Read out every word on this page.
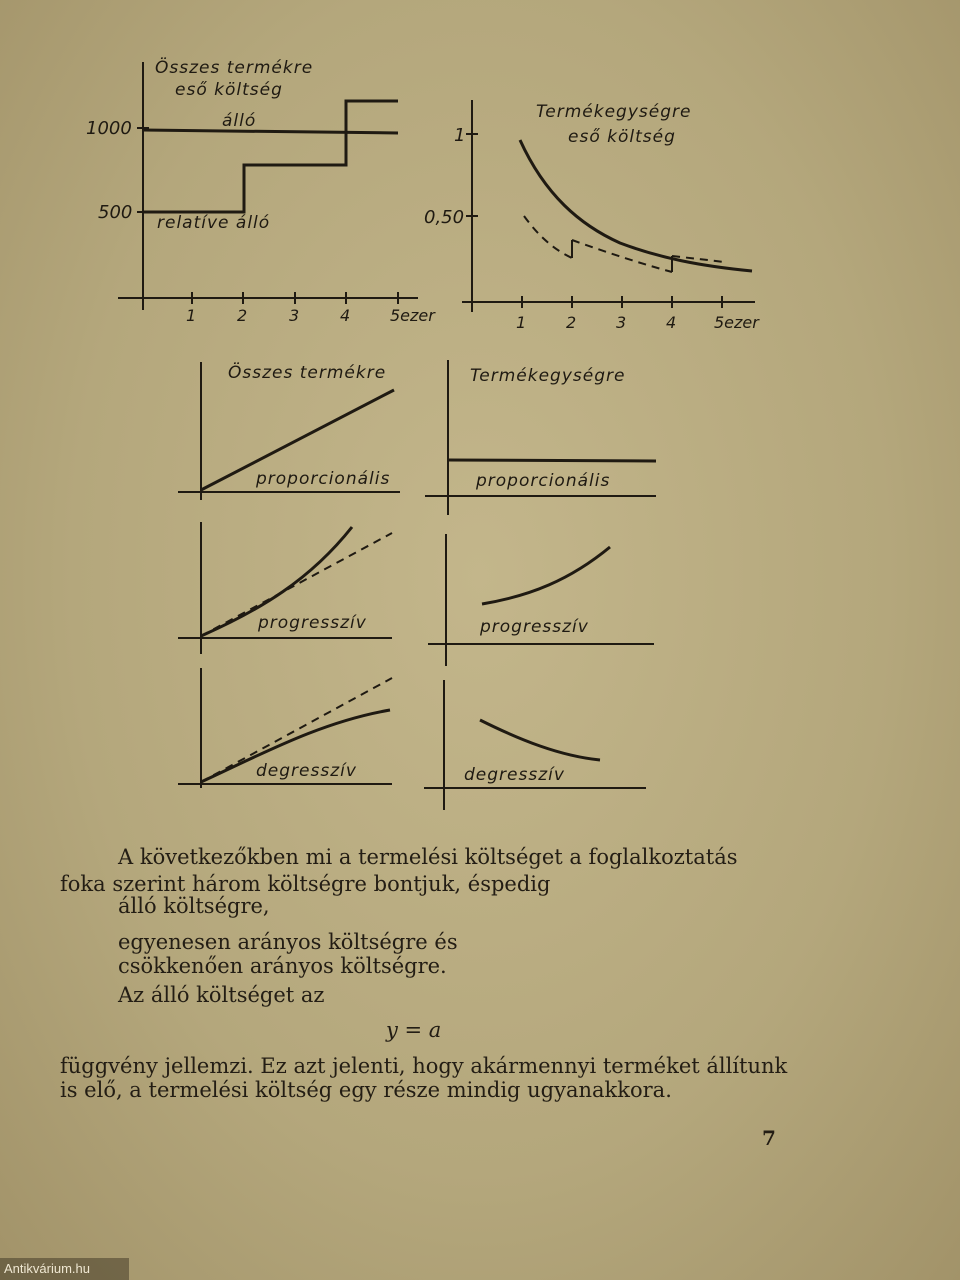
Összes termékre
eső költség
1000
500
álló
relatíve álló
1	2	3	4 5ezer
Termékegységre
eső költség
1
0,50
1 2 3 4 5ezer
Összes termékre	Termékegységre
proporcionális	proporcionális
progresszív	progresszív
degresszív	degresszív
A következőkben mi a termelési költséget a foglalkoztatás
foka szerint három költségre bontjuk, éspedig
álló költségre,
egyenesen arányos költségre és
csökkenően arányos költségre.
Az álló költséget az
y = a
függvény jellemzi. Ez azt jelenti, hogy akármennyi terméket állítunk
is elő, a termelési költség egy része mindig ugyanakkora.
7
Antikvárium.hu
